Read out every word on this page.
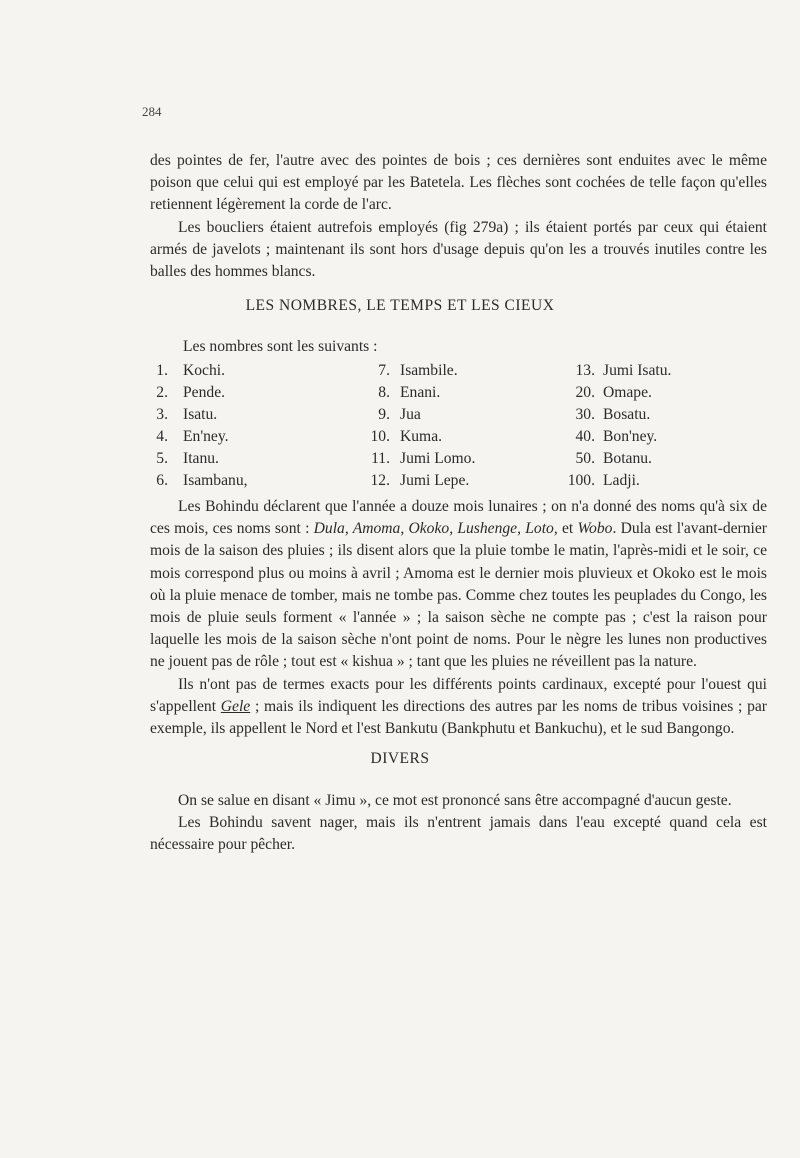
284

des pointes de fer, l'autre avec des pointes de bois ; ces dernières sont enduites avec le même poison que celui qui est employé par les Batetela. Les flèches sont cochées de telle façon qu'elles retiennent légèrement la corde de l'arc.

Les boucliers étaient autrefois employés (fig 279a) ; ils étaient portés par ceux qui étaient armés de javelots ; maintenant ils sont hors d'usage depuis qu'on les a trouvés inutiles contre les balles des hommes blancs.

LES NOMBRES, LE TEMPS ET LES CIEUX
Les nombres sont les suivants :
1. Kochi.
2. Pende.
3. Isatu.
4. En'ney.
5. Itanu.
6. Isambanu,
7. Isambile.
8. Enani.
9. Jua
10. Kuma.
11. Jumi Lomo.
12. Jumi Lepe.
13. Jumi Isatu.
20. Omape.
30. Bosatu.
40. Bon'ney.
50. Botanu.
100. Ladji.

Les Bohindu déclarent que l'année a douze mois lunaires ; on n'a donné des noms qu'à six de ces mois, ces noms sont : Dula, Amoma, Okoko, Lushenge, Loto, et Wobo. Dula est l'avant-dernier mois de la saison des pluies ; ils disent alors que la pluie tombe le matin, l'après-midi et le soir, ce mois correspond plus ou moins à avril ; Amoma est le dernier mois pluvieux et Okoko est le mois où la pluie menace de tomber, mais ne tombe pas. Comme chez toutes les peuplades du Congo, les mois de pluie seuls forment « l'année » ; la saison sèche ne compte pas ; c'est la raison pour laquelle les mois de la saison sèche n'ont point de noms. Pour le nègre les lunes non productives ne jouent pas de rôle ; tout est « kishua » ; tant que les pluies ne réveillent pas la nature.

Ils n'ont pas de termes exacts pour les différents points cardinaux, excepté pour l'ouest qui s'appellent Gele ; mais ils indiquent les directions des autres par les noms de tribus voisines ; par exemple, ils appellent le Nord et l'est Bankutu (Bankphutu et Bankuchu), et le sud Bangongo.

DIVERS

On se salue en disant « Jimu », ce mot est prononcé sans être accompagné d'aucun geste.

Les Bohindu savent nager, mais ils n'entrent jamais dans l'eau excepté quand cela est nécessaire pour pêcher.
